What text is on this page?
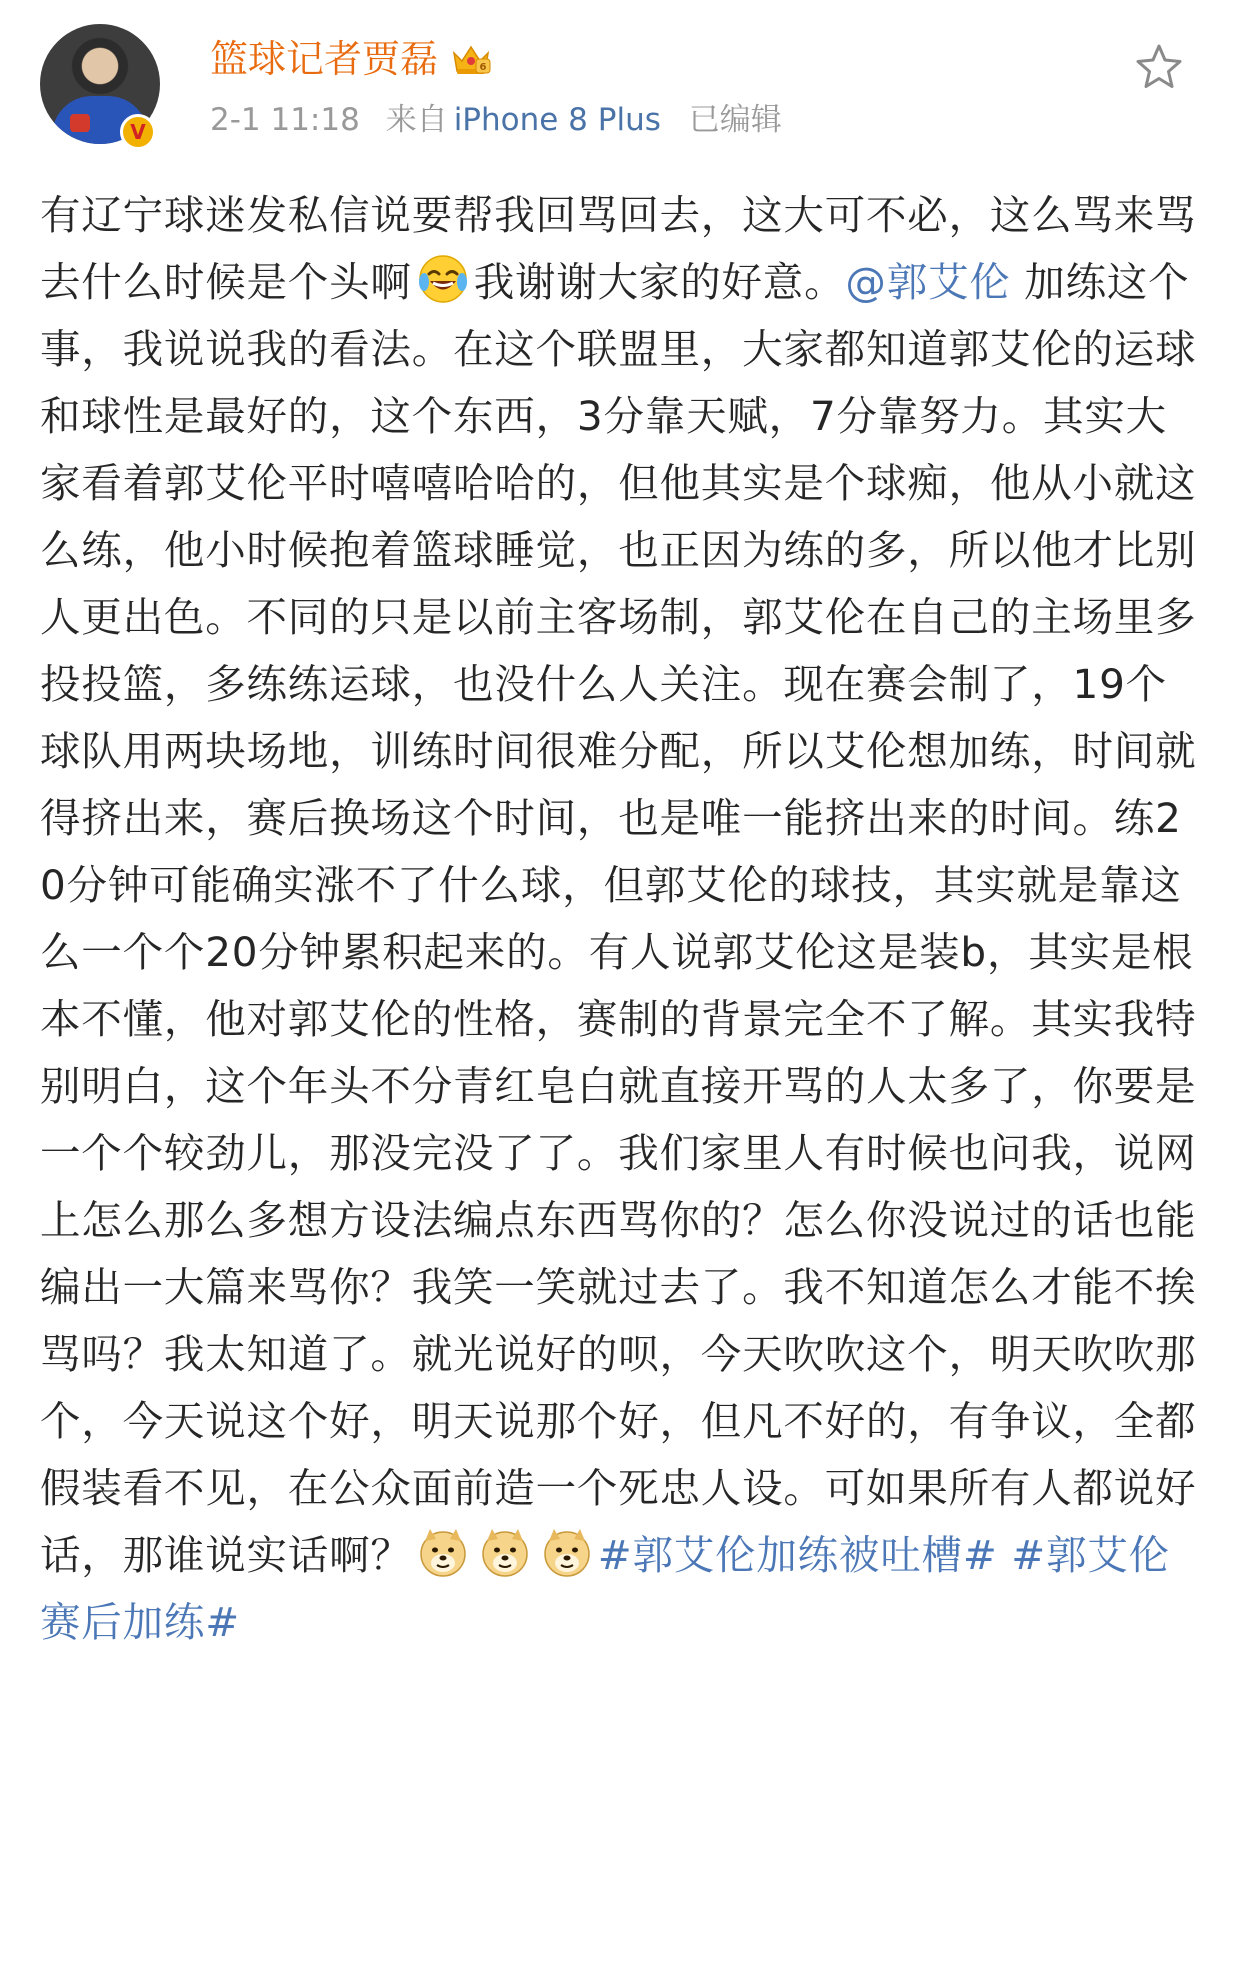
V
篮球记者贾磊	6
2-1 11:18 来自 iPhone 8 Plus 已编辑
有辽宁球迷发私信说要帮我回骂回去，这大可不必，这么骂来骂去什么时候是个头啊 我谢谢大家的好意。@郭艾伦 加练这个事，我说说我的看法。在这个联盟里，大家都知道郭艾伦的运球和球性是最好的，这个东西，3分靠天赋，7分靠努力。其实大家看着郭艾伦平时嘻嘻哈哈的，但他其实是个球痴，他从小就这么练，他小时候抱着篮球睡觉，也正因为练的多，所以他才比别人更出色。不同的只是以前主客场制，郭艾伦在自己的主场里多投投篮，多练练运球，也没什么人关注。现在赛会制了，19个球队用两块场地，训练时间很难分配，所以艾伦想加练，时间就得挤出来，赛后换场这个时间，也是唯一能挤出来的时间。练20分钟可能确实涨不了什么球，但郭艾伦的球技，其实就是靠这么一个个20分钟累积起来的。有人说郭艾伦这是装b，其实是根本不懂，他对郭艾伦的性格，赛制的背景完全不了解。其实我特别明白，这个年头不分青红皂白就直接开骂的人太多了，你要是一个个较劲儿，那没完没了了。我们家里人有时候也问我，说网上怎么那么多想方设法编点东西骂你的？怎么你没说过的话也能编出一大篇来骂你？我笑一笑就过去了。我不知道怎么才能不挨骂吗？我太知道了。就光说好的呗，今天吹吹这个，明天吹吹那个，今天说这个好，明天说那个好，但凡不好的，有争议，全都假装看不见，在公众面前造一个死忠人设。可如果所有人都说好话，那谁说实话啊？	#郭艾伦加练被吐槽# #郭艾伦赛后加练#
